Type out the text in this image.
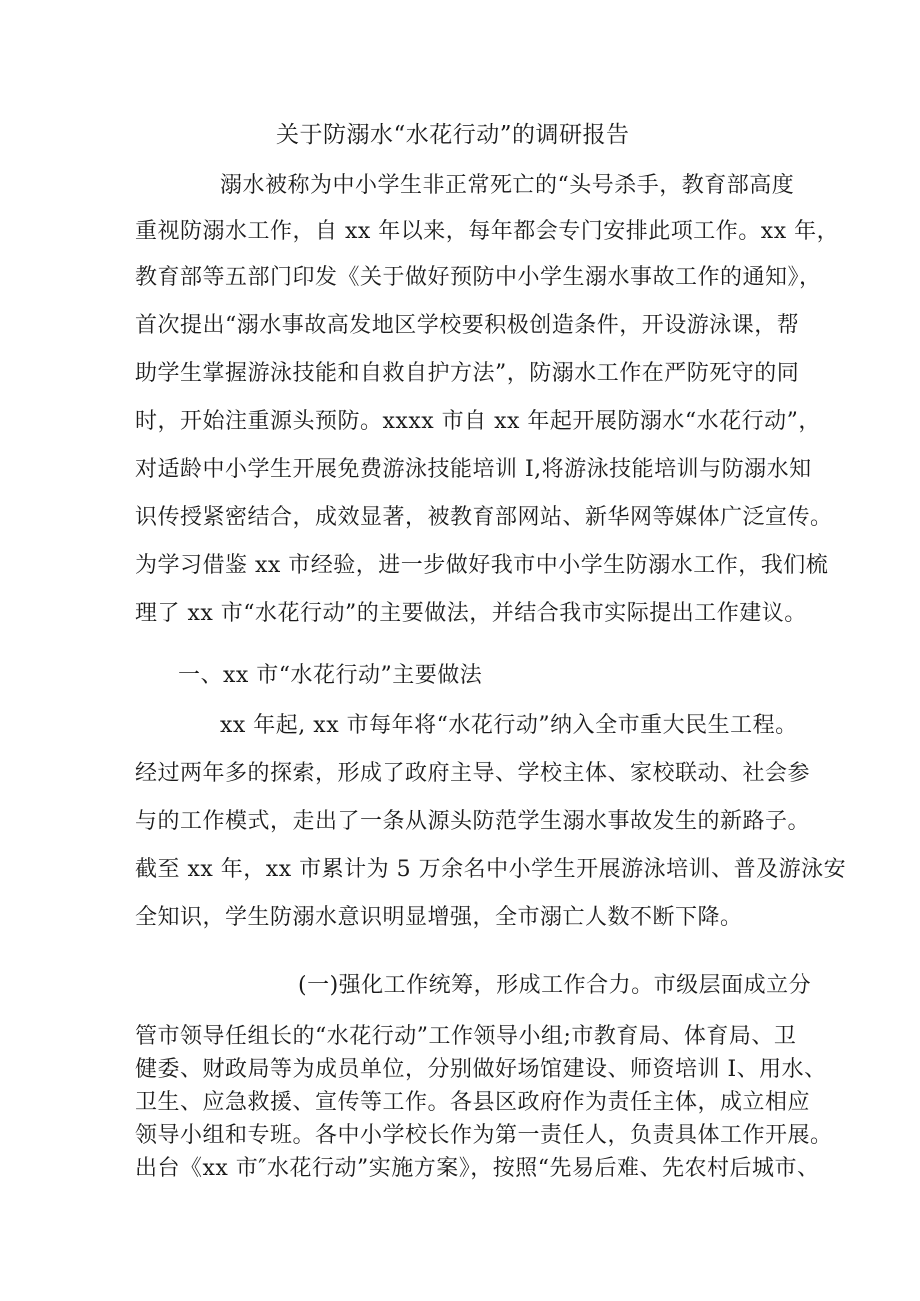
关于防溺水“水花行动”的调研报告

溺水被称为中小学生非正常死亡的“头号杀手，教育部高度

重视防溺水工作，自 xx 年以来，每年都会专门安排此项工作。xx 年，

教育部等五部门印发《关于做好预防中小学生溺水事故工作的通知》，

首次提出“溺水事故高发地区学校要积极创造条件，开设游泳课，帮

助学生掌握游泳技能和自救自护方法”，防溺水工作在严防死守的同

时，开始注重源头预防。xxxx 市自 xx 年起开展防溺水“水花行动”，

对适龄中小学生开展免费游泳技能培训 I,将游泳技能培训与防溺水知

识传授紧密结合，成效显著，被教育部网站、新华网等媒体广泛宣传。

为学习借鉴 xx 市经验，进一步做好我市中小学生防溺水工作，我们梳

理了 xx 市“水花行动”的主要做法，并结合我市实际提出工作建议。

一、xx 市“水花行动”主要做法

xx 年起, xx 市每年将“水花行动”纳入全市重大民生工程。

经过两年多的探索，形成了政府主导、学校主体、家校联动、社会参

与的工作模式，走出了一条从源头防范学生溺水事故发生的新路子。

截至 xx 年，xx 市累计为 5 万余名中小学生开展游泳培训、普及游泳安

全知识，学生防溺水意识明显增强，全市溺亡人数不断下降。

(一)强化工作统筹，形成工作合力。市级层面成立分

管市领导任组长的“水花行动”工作领导小组;市教育局、体育局、卫

健委、财政局等为成员单位，分别做好场馆建设、师资培训 I、用水、

卫生、应急救援、宣传等工作。各县区政府作为责任主体，成立相应

领导小组和专班。各中小学校长作为第一责任人，负责具体工作开展。

出台《xx 市″水花行动”实施方案》，按照“先易后难、先农村后城市、
